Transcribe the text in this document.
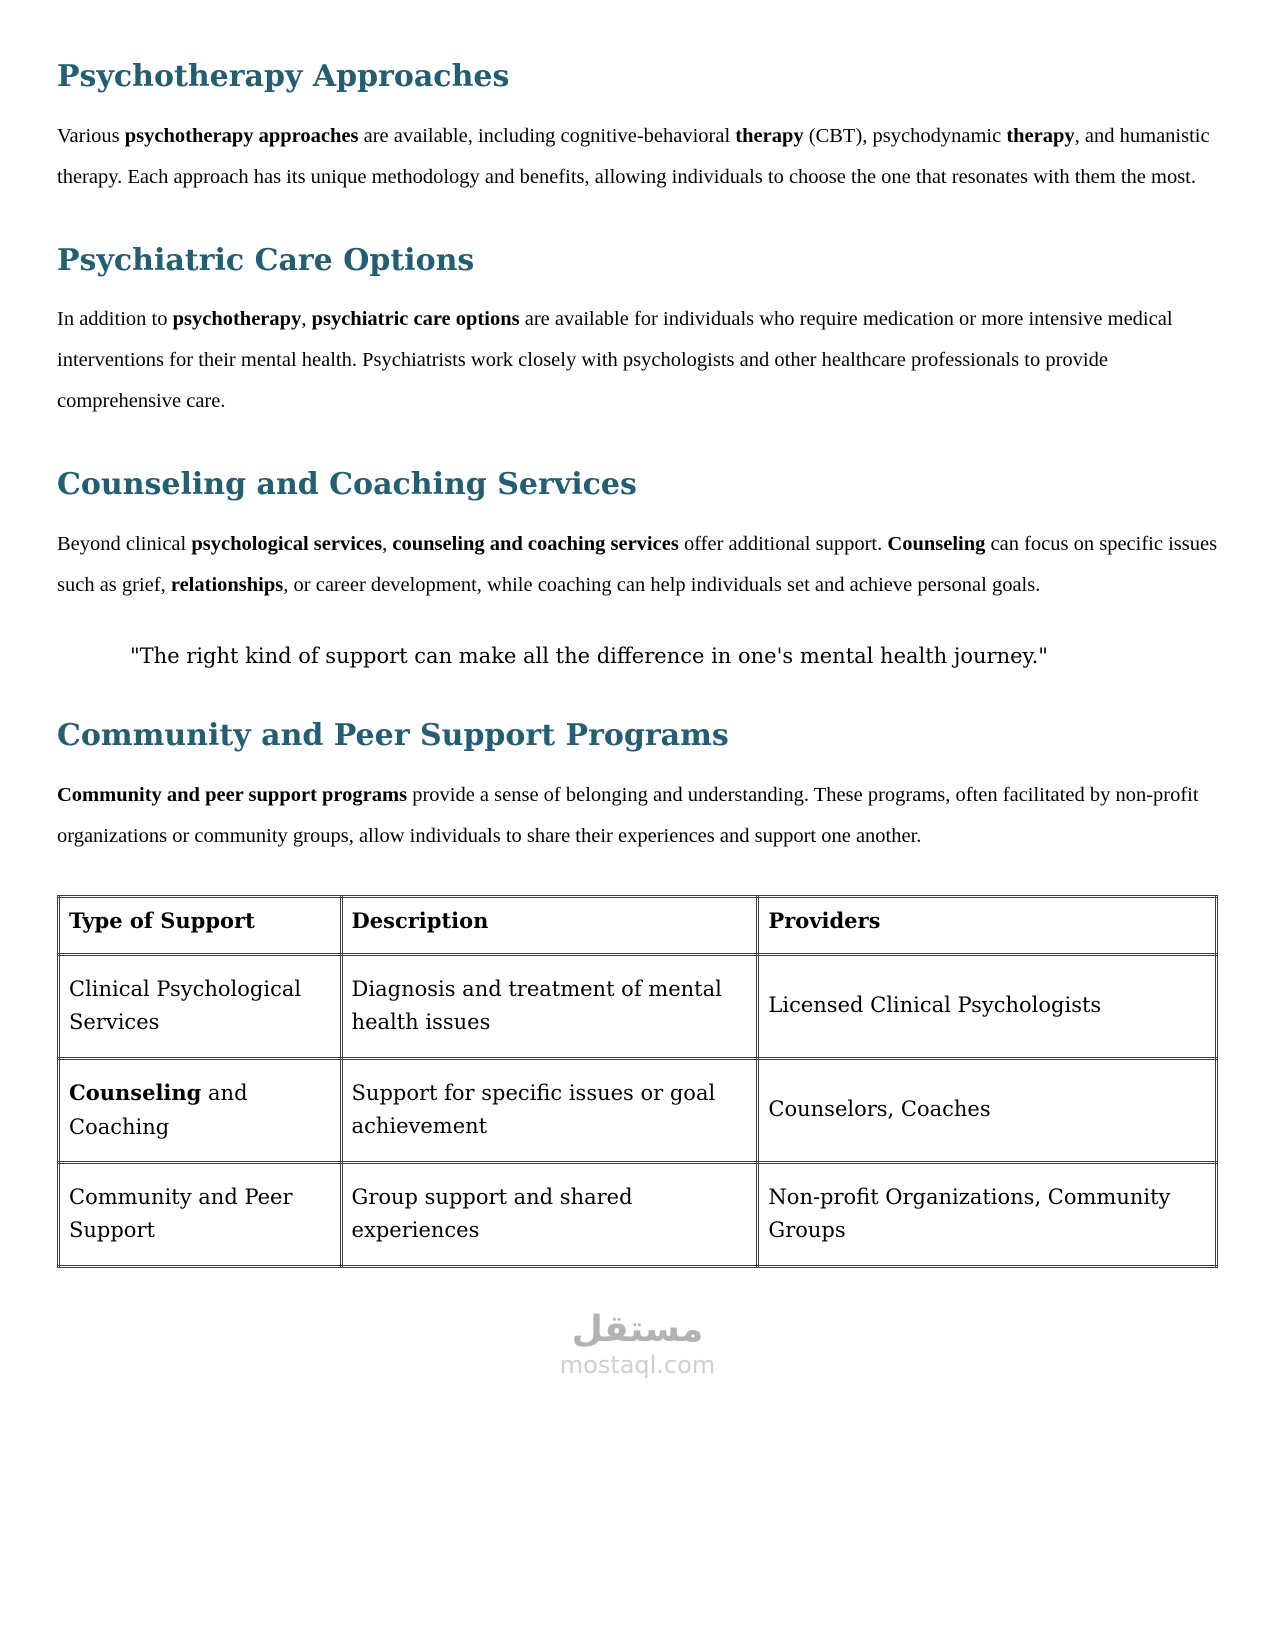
Psychotherapy Approaches

Various psychotherapy approaches are available, including cognitive-behavioral therapy (CBT), psychodynamic therapy, and humanistic therapy. Each approach has its unique methodology and benefits, allowing individuals to choose the one that resonates with them the most.

Psychiatric Care Options

In addition to psychotherapy, psychiatric care options are available for individuals who require medication or more intensive medical interventions for their mental health. Psychiatrists work closely with psychologists and other healthcare professionals to provide comprehensive care.

Counseling and Coaching Services

Beyond clinical psychological services, counseling and coaching services offer additional support. Counseling can focus on specific issues such as grief, relationships, or career development, while coaching can help individuals set and achieve personal goals.

"The right kind of support can make all the difference in one's mental health journey."

Community and Peer Support Programs

Community and peer support programs provide a sense of belonging and understanding. These programs, often facilitated by non-profit organizations or community groups, allow individuals to share their experiences and support one another.

Type of Support	Description	Providers
Clinical Psychological Services	Diagnosis and treatment of mental health issues	Licensed Clinical Psychologists
Counseling and Coaching	Support for specific issues or goal achievement	Counselors, Coaches
Community and Peer Support	Group support and shared experiences	Non-profit Organizations, Community Groups
مستقل
mostaql.com
